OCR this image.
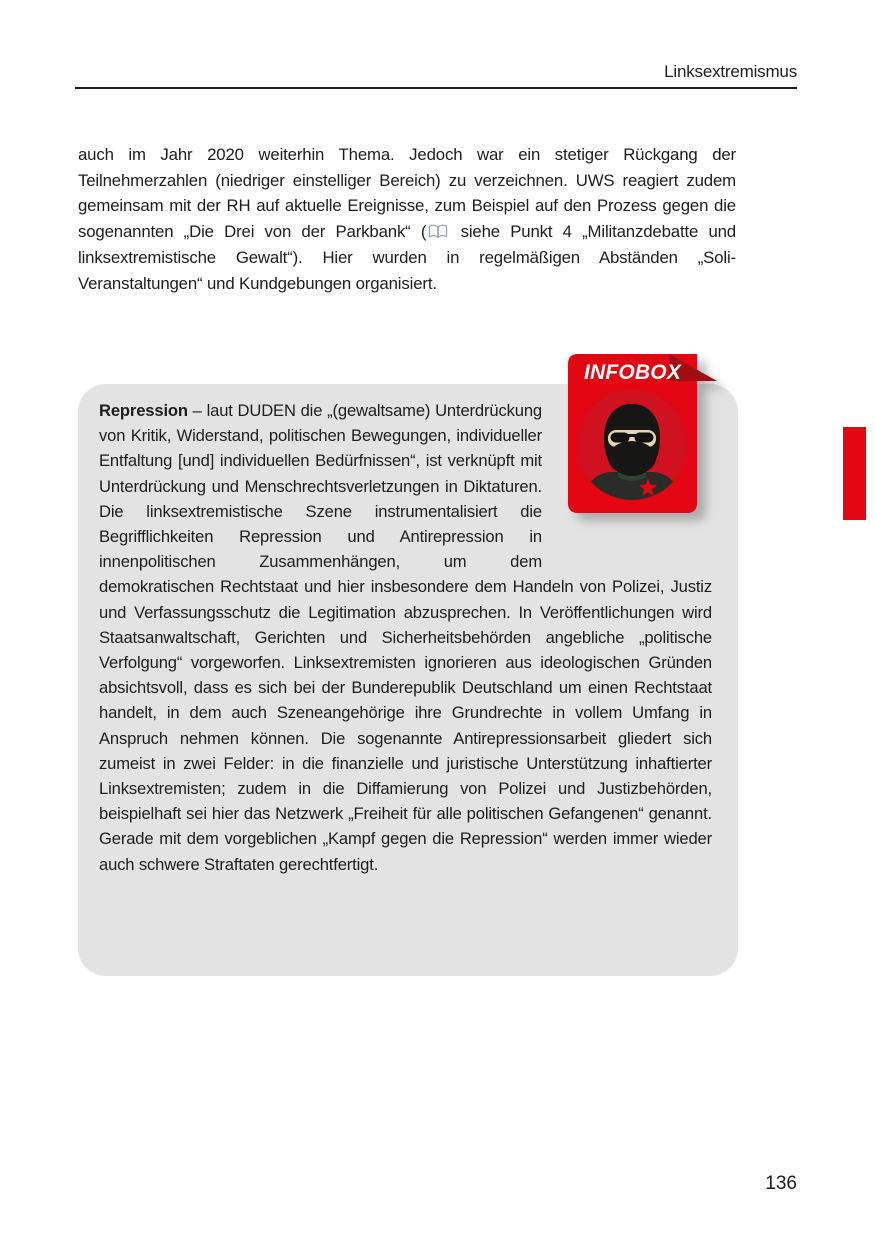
Linksextremismus

auch im Jahr 2020 weiterhin Thema. Jedoch war ein stetiger Rückgang der Teilnehmerzahlen (niedriger einstelliger Bereich) zu verzeichnen. UWS reagiert zudem gemeinsam mit der RH auf aktuelle Ereignisse, zum Beispiel auf den Prozess gegen die sogenannten „Die Drei von der Parkbank“ ( siehe Punkt 4 „Militanzdebatte und linksextremistische Gewalt“). Hier wurden in regelmäßigen Abständen „Soli-Veranstaltungen“ und Kundgebungen organisiert.

Repression – laut DUDEN die „(gewaltsame) Unterdrückung von Kritik, Widerstand, politischen Bewegungen, individueller Entfaltung [und] individuellen Bedürfnissen“, ist verknüpft mit Unterdrückung und Menschrechtsverletzungen in Diktaturen. Die linksextremistische Szene instrumentalisiert die Begrifflichkeiten Repression und Antirepression in innenpolitischen Zusammenhängen, um dem demokratischen Rechtstaat und hier insbesondere dem Handeln von Polizei, Justiz und Verfassungsschutz die Legitimation abzusprechen. In Veröffentlichungen wird Staatsanwaltschaft, Gerichten und Sicherheitsbehörden angebliche „politische Verfolgung“ vorgeworfen. Linksextremisten ignorieren aus ideologischen Gründen absichtsvoll, dass es sich bei der Bunderepublik Deutschland um einen Rechtstaat handelt, in dem auch Szeneangehörige ihre Grundrechte in vollem Umfang in Anspruch nehmen können. Die sogenannte Antirepressionsarbeit gliedert sich zumeist in zwei Felder: in die finanzielle und juristische Unterstützung inhaftierter Linksextremisten; zudem in die Diffamierung von Polizei und Justizbehörden, beispielhaft sei hier das Netzwerk „Freiheit für alle politischen Gefangenen“ genannt. Gerade mit dem vorgeblichen „Kampf gegen die Repression“ werden immer wieder auch schwere Straftaten gerechtfertigt.

INFOBOX
136
